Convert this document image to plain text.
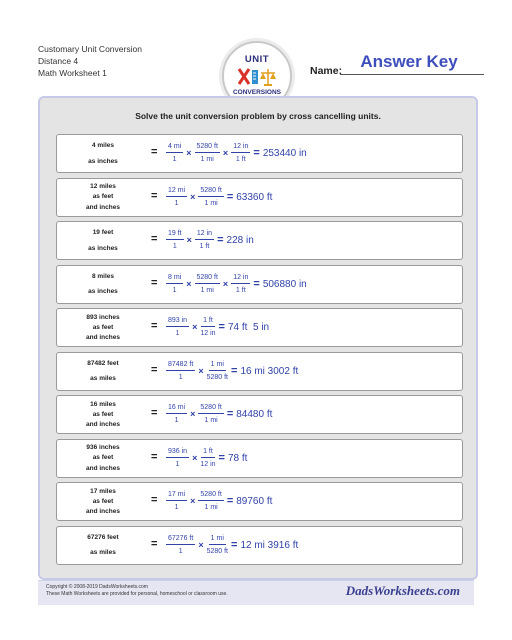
Customary Unit Conversion
Distance 4
Math Worksheet 1
UNIT
CONVERSIONS
Name:	Answer Key
Solve the unit conversion problem by cross cancelling units.
4 miles
as inches
= $\frac{4 mi}{1} \times \frac{5280 ft}{1 mi} \times \frac{12 in}{1 ft} = 253440$ in
12 miles
as feet
and inches
= $\frac{12 mi}{1} \times \frac{5280 ft}{1 mi} = 63360$ ft
19 feet
as inches
= $\frac{19 ft}{1} \times \frac{12 in}{1 ft} = 228$ in
8 miles
as inches
= $\frac{8 mi}{1} \times \frac{5280 ft}{1 mi} \times \frac{12 in}{1 ft} = 506880$ in
893 inches
as feet
and inches
= $\frac{893 in}{1} \times \frac{1 ft}{12 in} = 74$ ft  5 in
87482 feet
as miles
= $\frac{87482 ft}{1} \times \frac{1 mi}{5280 ft} = 16$ mi 3002 ft
16 miles
as feet
and inches
= $\frac{16 mi}{1} \times \frac{5280 ft}{1 mi} = 84480$ ft
936 inches
as feet
and inches
= $\frac{936 in}{1} \times \frac{1 ft}{12 in} = 78$ ft
17 miles
as feet
and inches
= $\frac{17 mi}{1} \times \frac{5280 ft}{1 mi} = 89760$ ft
67276 feet
as miles
= $\frac{67276 ft}{1} \times \frac{1 mi}{5280 ft} = 12$ mi 3916 ft
Copyright © 2008-2019 DadsWorksheets.com
These Math Worksheets are provided for personal, homeschool or classroom use.	DadsWorksheets.com
